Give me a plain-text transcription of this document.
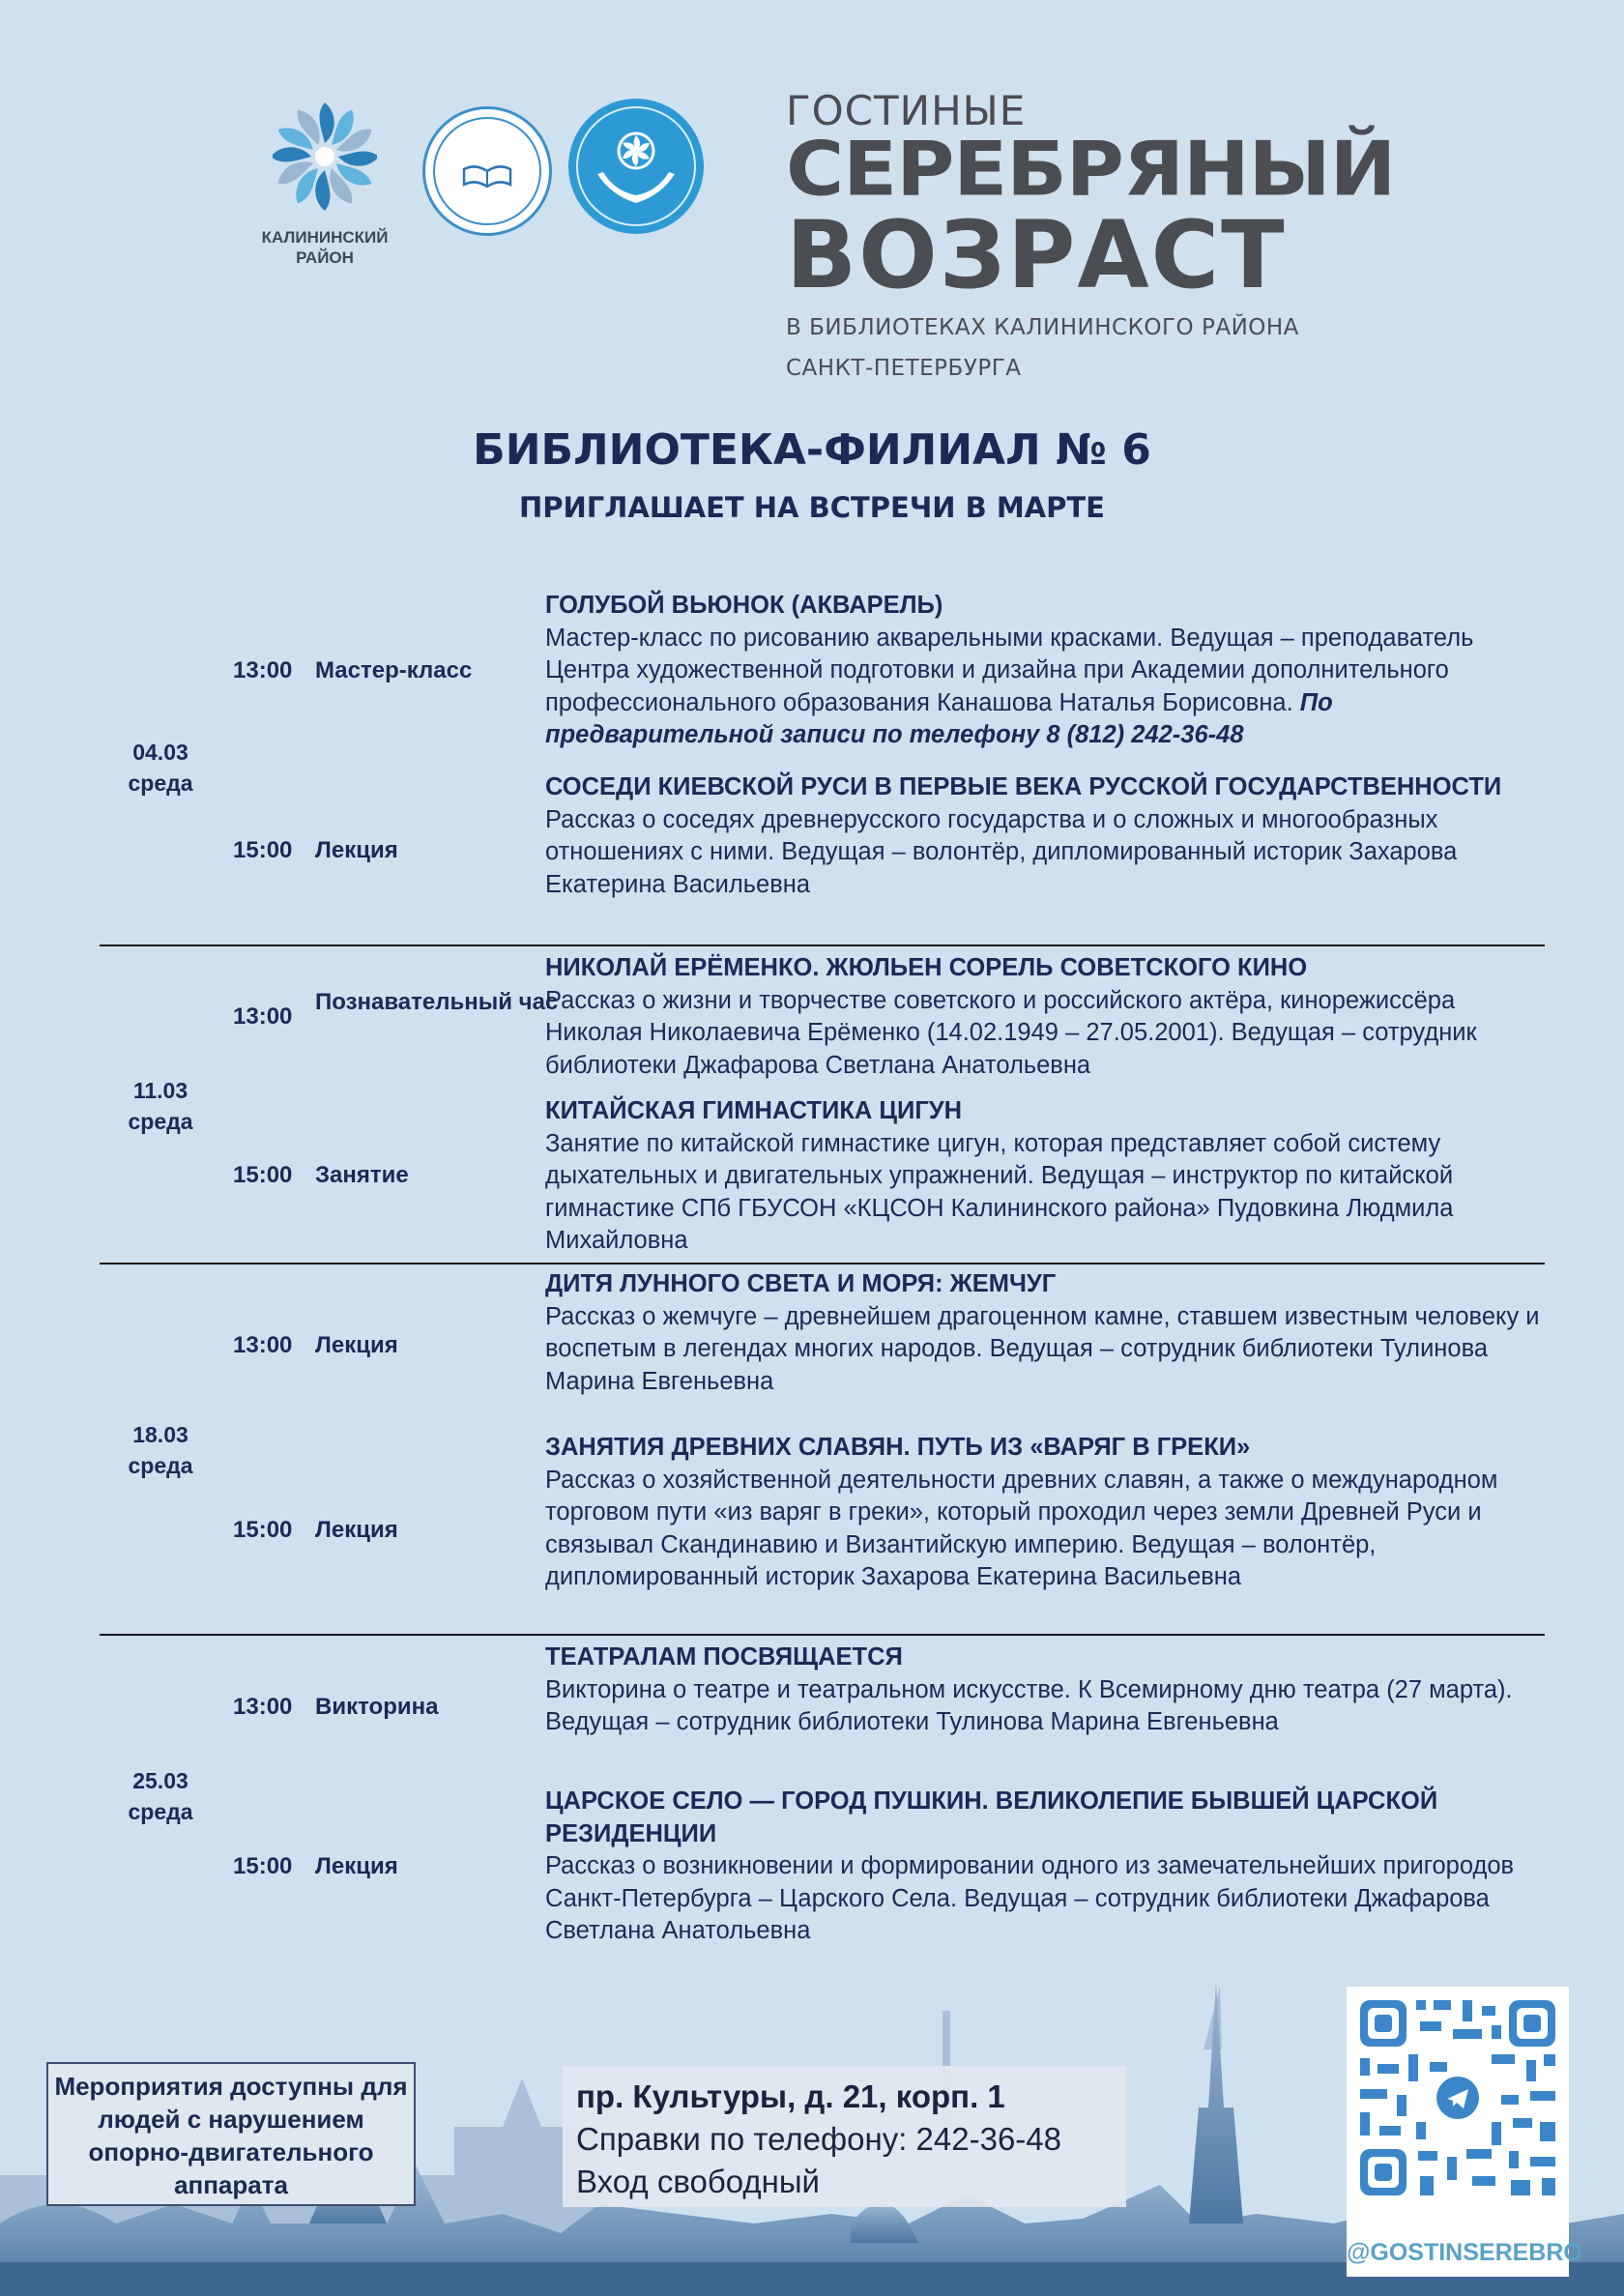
КАЛИНИНСКИЙ
РАЙОН
ГОСТИНЫЕ
СЕРЕБРЯНЫЙ
ВОЗРАСТ
В БИБЛИОТЕКАХ КАЛИНИНСКОГО РАЙОНА
САНКТ-ПЕТЕРБУРГА
БИБЛИОТЕКА-ФИЛИАЛ № 6
ПРИГЛАШАЕТ НА ВСТРЕЧИ В МАРТЕ
04.03
среда
13:00 Мастер-класс
ГОЛУБОЙ ВЬЮНОК (АКВАРЕЛЬ)
Мастер-класс по рисованию акварельными красками. Ведущая – преподаватель Центра художественной подготовки и дизайна при Академии дополнительного профессионального образования Канашова Наталья Борисовна. По предварительной записи по телефону 8 (812) 242-36-48
15:00 Лекция
СОСЕДИ КИЕВСКОЙ РУСИ В ПЕРВЫЕ ВЕКА РУССКОЙ ГОСУДАРСТВЕННОСТИ
Рассказ о соседях древнерусского государства и о сложных и многообразных отношениях с ними. Ведущая – волонтёр, дипломированный историк Захарова Екатерина Васильевна
11.03
среда
13:00
Познавательный час
НИКОЛАЙ ЕРЁМЕНКО. ЖЮЛЬЕН СОРЕЛЬ СОВЕТСКОГО КИНО
Рассказ о жизни и творчестве советского и российского актёра, кинорежиссёра Николая Николаевича Ерёменко (14.02.1949 – 27.05.2001). Ведущая – сотрудник библиотеки Джафарова Светлана Анатольевна
15:00 Занятие
КИТАЙСКАЯ ГИМНАСТИКА ЦИГУН
Занятие по китайской гимнастике цигун, которая представляет собой систему дыхательных и двигательных упражнений. Ведущая – инструктор по китайской гимнастике СПб ГБУСОН «КЦСОН Калининского района» Пудовкина Людмила Михайловна
18.03
среда
13:00 Лекция
ДИТЯ ЛУННОГО СВЕТА И МОРЯ: ЖЕМЧУГ
Рассказ о жемчуге – древнейшем драгоценном камне, ставшем известным человеку и воспетым в легендах многих народов. Ведущая – сотрудник библиотеки Тулинова Марина Евгеньевна
15:00 Лекция
ЗАНЯТИЯ ДРЕВНИХ СЛАВЯН. ПУТЬ ИЗ «ВАРЯГ В ГРЕКИ»
Рассказ о хозяйственной деятельности древних славян, а также о международном торговом пути «из варяг в греки», который проходил через земли Древней Руси и связывал Скандинавию и Византийскую империю. Ведущая – волонтёр, дипломированный историк Захарова Екатерина Васильевна
25.03
среда
13:00 Викторина
ТЕАТРАЛАМ ПОСВЯЩАЕТСЯ
Викторина о театре и театральном искусстве. К Всемирному дню театра (27 марта). Ведущая – сотрудник библиотеки Тулинова Марина Евгеньевна
15:00 Лекция
ЦАРСКОЕ СЕЛО — ГОРОД ПУШКИН. ВЕЛИКОЛЕПИЕ БЫВШЕЙ ЦАРСКОЙ РЕЗИДЕНЦИИ
Рассказ о возникновении и формировании одного из замечательнейших пригородов Санкт-Петербурга – Царского Села. Ведущая – сотрудник библиотеки Джафарова Светлана Анатольевна
Мероприятия доступны для людей с нарушением опорно-двигательного аппарата
пр. Культуры, д. 21, корп. 1
Справки по телефону: 242-36-48
Вход свободный
@GOSTINSEREBRO
